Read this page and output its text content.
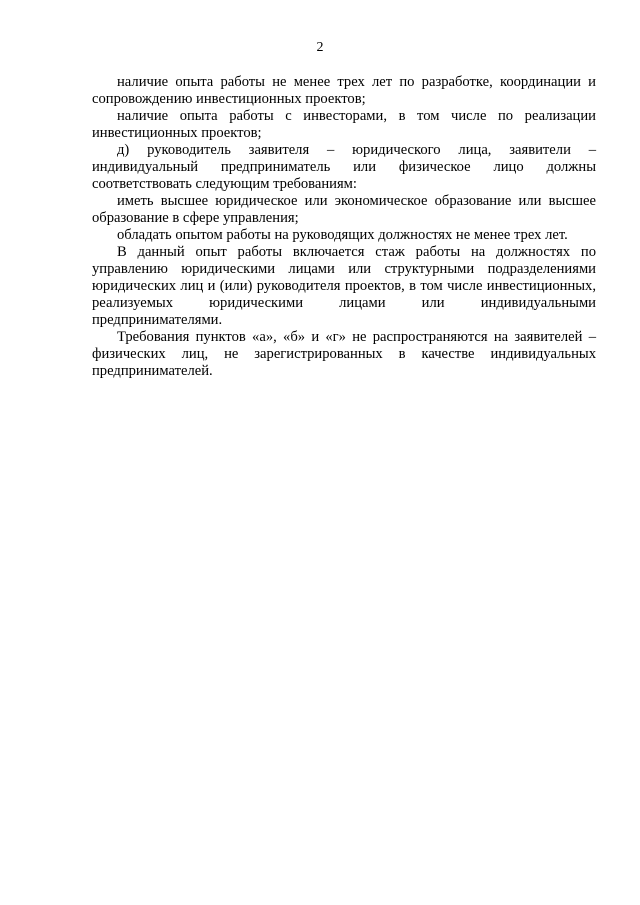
2

наличие опыта работы не менее трех лет по разработке, координации и сопровождению инвестиционных проектов;

наличие опыта работы с инвесторами, в том числе по реализации инвестиционных проектов;

д) руководитель заявителя – юридического лица, заявители – индивидуальный предприниматель или физическое лицо должны соответствовать следующим требованиям:

иметь высшее юридическое или экономическое образование или высшее образование в сфере управления;

обладать опытом работы на руководящих должностях не менее трех лет.

В данный опыт работы включается стаж работы на должностях по управлению юридическими лицами или структурными подразделениями юридических лиц и (или) руководителя проектов, в том числе инвестиционных, реализуемых юридическими лицами или индивидуальными предпринимателями.

Требования пунктов «а», «б» и «г» не распространяются на заявителей – физических лиц, не зарегистрированных в качестве индивидуальных предпринимателей.
